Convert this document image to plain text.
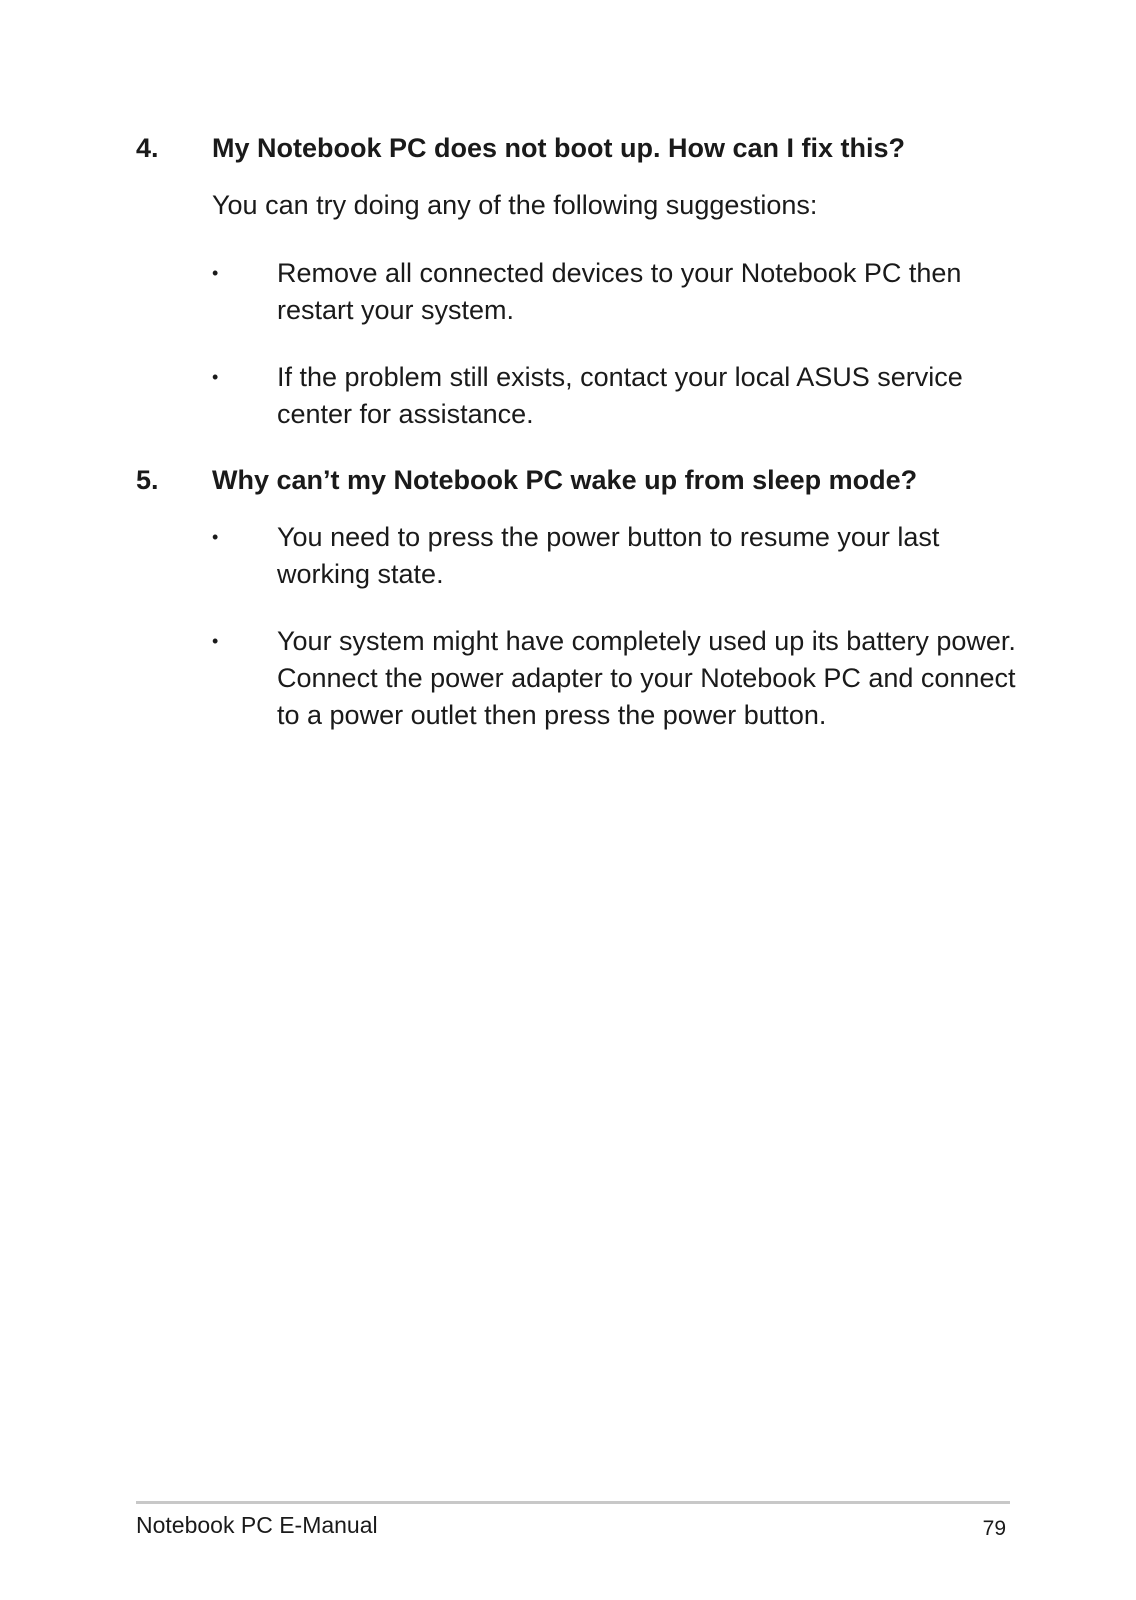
4. My Notebook PC does not boot up. How can I fix this?
You can try doing any of the following suggestions:
• Remove all connected devices to your Notebook PC then restart your system.
• If the problem still exists, contact your local ASUS service center for assistance.
5. Why can’t my Notebook PC wake up from sleep mode?
• You need to press the power button to resume your last working state.
• Your system might have completely used up its battery power. Connect the power adapter to your Notebook PC and connect to a power outlet then press the power button.
Notebook PC E-Manual	79
